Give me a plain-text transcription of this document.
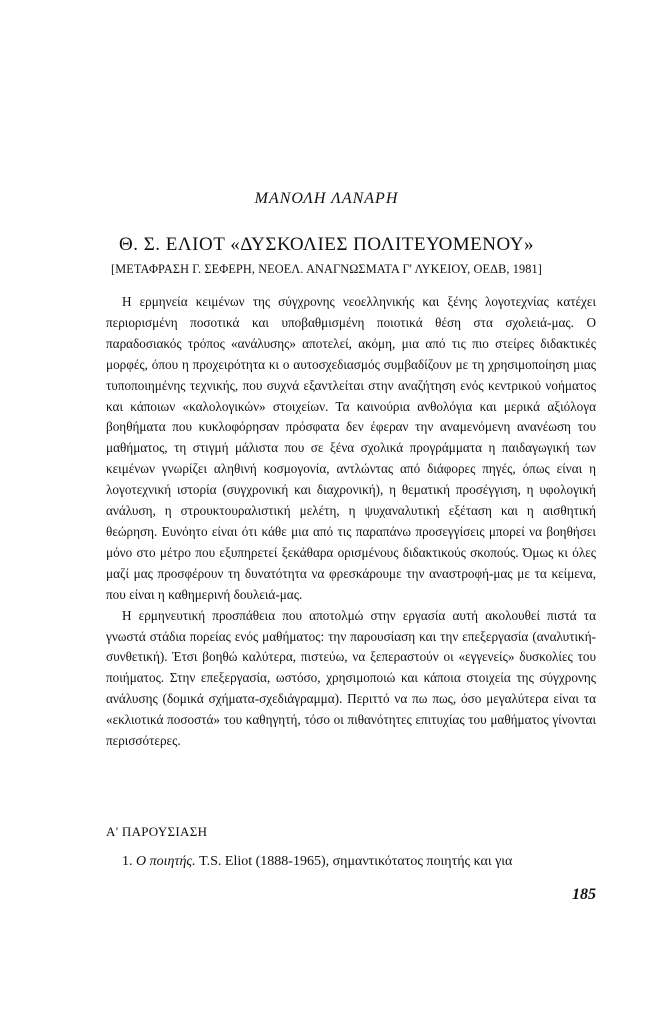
ΜΑΝΟΛΗ ΛΑΝΑΡΗ
Θ. Σ. ΕΛΙΟΤ «ΔΥΣΚΟΛΙΕΣ ΠΟΛΙΤΕΥΟΜΕΝΟΥ»
[ΜΕΤΑΦΡΑΣΗ Γ. ΣΕΦΕΡΗ, ΝΕΟΕΛ. ΑΝΑΓΝΩΣΜΑΤΑ Γ' ΛΥΚΕΙΟΥ, ΟΕΔΒ, 1981]

Η ερμηνεία κειμένων της σύγχρονης νεοελληνικής και ξένης λογοτεχνίας κατέχει περιορισμένη ποσοτικά και υποβαθμισμένη ποιοτικά θέση στα σχολειά-μας. Ο παραδοσιακός τρόπος «ανάλυσης» αποτελεί, ακόμη, μια από τις πιο στείρες διδακτικές μορφές, όπου η προχειρότητα κι ο αυτοσχεδιασμός συμβαδίζουν με τη χρησιμοποίηση μιας τυποποιημένης τεχνικής, που συχνά εξαντλείται στην αναζήτηση ενός κεντρικού νοήματος και κάποιων «καλολογικών» στοιχείων. Τα καινούρια ανθολόγια και μερικά αξιόλογα βοηθήματα που κυκλοφόρησαν πρόσφατα δεν έφεραν την αναμενόμενη ανανέωση του μαθήματος, τη στιγμή μάλιστα που σε ξένα σχολικά προγράμματα η παιδαγωγική των κειμένων γνωρίζει αληθινή κοσμογονία, αντλώντας από διάφορες πηγές, όπως είναι η λογοτεχνική ιστορία (συγχρονική και διαχρονική), η θεματική προσέγγιση, η υφολογική ανάλυση, η στρουκτουραλιστική μελέτη, η ψυχαναλυτική εξέταση και η αισθητική θεώρηση. Ευνόητο είναι ότι κάθε μια από τις παραπάνω προσεγγίσεις μπορεί να βοηθήσει μόνο στο μέτρο που εξυπηρετεί ξεκάθαρα ορισμένους διδακτικούς σκοπούς. Όμως κι όλες μαζί μας προσφέρουν τη δυνατότητα να φρεσκάρουμε την αναστροφή-μας με τα κείμενα, που είναι η καθημερινή δουλειά-μας.

Η ερμηνευτική προσπάθεια που αποτολμώ στην εργασία αυτή ακολουθεί πιστά τα γνωστά στάδια πορείας ενός μαθήματος: την παρουσίαση και την επεξεργασία (αναλυτική-συνθετική). Έτσι βοηθώ καλύτερα, πιστεύω, να ξεπεραστούν οι «εγγενείς» δυσκολίες του ποιήματος. Στην επεξεργασία, ωστόσο, χρησιμοποιώ και κάποια στοιχεία της σύγχρονης ανάλυσης (δομικά σχήματα-σχεδιάγραμμα). Περιττό να πω πως, όσο μεγαλύτερα είναι τα «εκλιοτικά ποσοστά» του καθηγητή, τόσο οι πιθανότητες επιτυχίας του μαθήματος γίνονται περισσότερες.

Α' ΠΑΡΟΥΣΙΑΣΗ
1. Ο ποιητής. T.S. Eliot (1888-1965), σημαντικότατος ποιητής και για
185
